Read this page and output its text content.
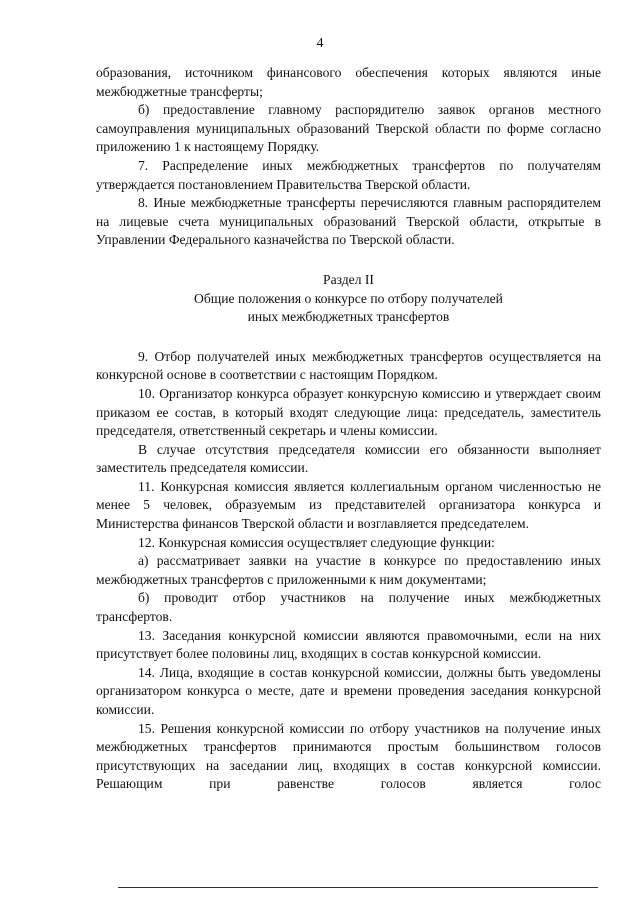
4

образования, источником финансового обеспечения которых являются иные межбюджетные трансферты;

б) предоставление главному распорядителю заявок органов местного самоуправления муниципальных образований Тверской области по форме согласно приложению 1 к настоящему Порядку.

7. Распределение иных межбюджетных трансфертов по получателям утверждается постановлением Правительства Тверской области.

8. Иные межбюджетные трансферты перечисляются главным распорядителем на лицевые счета муниципальных образований Тверской области, открытые в Управлении Федерального казначейства по Тверской области.

Раздел II

Общие положения о конкурсе по отбору получателей

иных межбюджетных трансфертов

9. Отбор получателей иных межбюджетных трансфертов осуществляется на конкурсной основе в соответствии с настоящим Порядком.

10. Организатор конкурса образует конкурсную комиссию и утверждает своим приказом ее состав, в который входят следующие лица: председатель, заместитель председателя, ответственный секретарь и члены комиссии.

В случае отсутствия председателя комиссии его обязанности выполняет заместитель председателя комиссии.

11. Конкурсная комиссия является коллегиальным органом численностью не менее 5 человек, образуемым из представителей организатора конкурса и Министерства финансов Тверской области и возглавляется председателем.

12. Конкурсная комиссия осуществляет следующие функции:

а) рассматривает заявки на участие в конкурсе по предоставлению иных межбюджетных трансфертов с приложенными к ним документами;

б) проводит отбор участников на получение иных межбюджетных трансфертов.

13. Заседания конкурсной комиссии являются правомочными, если на них присутствует более половины лиц, входящих в состав конкурсной комиссии.

14. Лица, входящие в состав конкурсной комиссии, должны быть уведомлены организатором конкурса о месте, дате и времени проведения заседания конкурсной комиссии.

15. Решения конкурсной комиссии по отбору участников на получение иных межбюджетных трансфертов принимаются простым большинством голосов присутствующих на заседании лиц, входящих в состав конкурсной комиссии. Решающим при равенстве голосов является голос
